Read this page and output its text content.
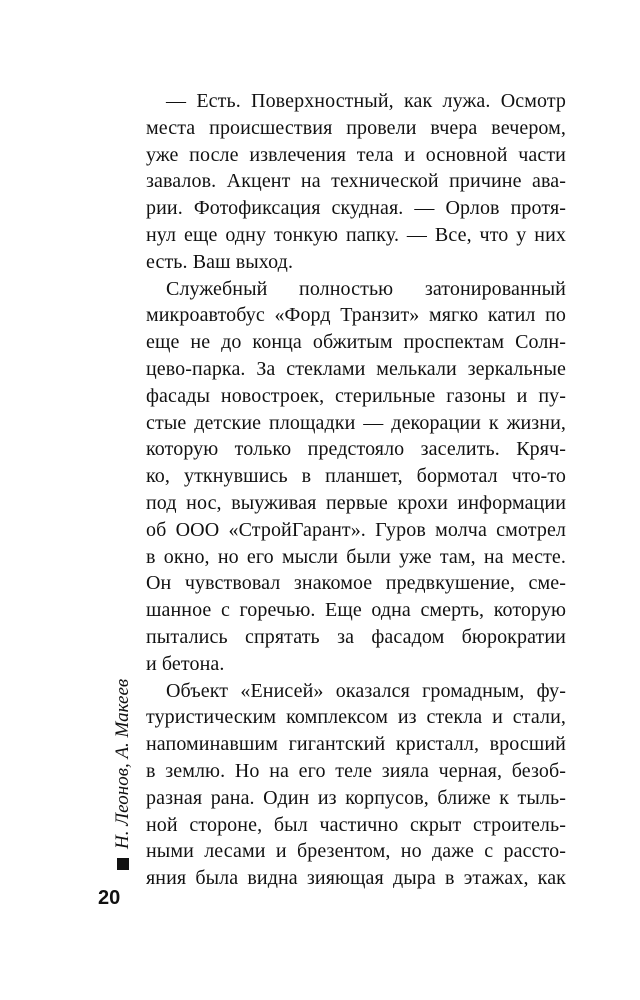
— Есть. Поверхностный, как лужа. Осмотр
места происшествия провели вчера вечером,
уже после извлечения тела и основной части
завалов. Акцент на технической причине ава-
рии. Фотофиксация скудная. — Орлов протя-
нул еще одну тонкую папку. — Все, что у них
есть. Ваш выход.
Служебный полностью затонированный
микроавтобус «Форд Транзит» мягко катил по
еще не до конца обжитым проспектам Солн-
цево-парка. За стеклами мелькали зеркальные
фасады новостроек, стерильные газоны и пу-
стые детские площадки — декорации к жизни,
которую только предстояло заселить. Кряч-
ко, уткнувшись в планшет, бормотал что-то
под нос, выуживая первые крохи информации
об ООО «СтройГарант». Гуров молча смотрел
в окно, но его мысли были уже там, на месте.
Он чувствовал знакомое предвкушение, сме-
шанное с горечью. Еще одна смерть, которую
пытались спрятать за фасадом бюрократии
и бетона.
Объект «Енисей» оказался громадным, фу-
туристическим комплексом из стекла и стали,
напоминавшим гигантский кристалл, вросший
в землю. Но на его теле зияла черная, безоб-
разная рана. Один из корпусов, ближе к тыль-
ной стороне, был частично скрыт строитель-
ными лесами и брезентом, но даже с рассто-
яния была видна зияющая дыра в этажах, как
Н. Леонов, А. Макеев
20
